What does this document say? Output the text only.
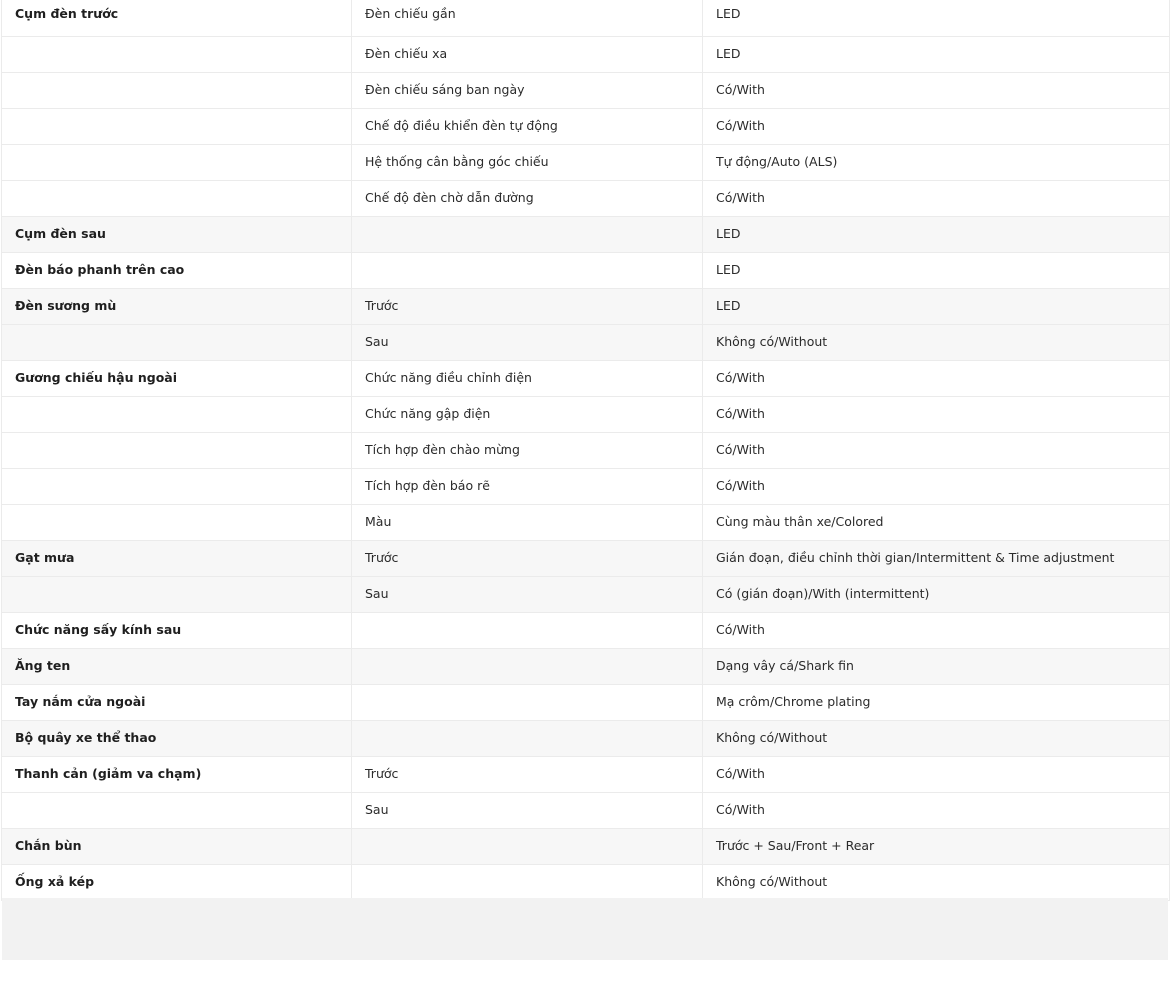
Cụm đèn trước	Đèn chiếu gần	LED
	Đèn chiếu xa	LED
	Đèn chiếu sáng ban ngày	Có/With
	Chế độ điều khiển đèn tự động	Có/With
	Hệ thống cân bằng góc chiếu	Tự động/Auto (ALS)
	Chế độ đèn chờ dẫn đường	Có/With
Cụm đèn sau		LED
Đèn báo phanh trên cao		LED
Đèn sương mù	Trước	LED
	Sau	Không có/Without
Gương chiếu hậu ngoài	Chức năng điều chỉnh điện	Có/With
	Chức năng gập điện	Có/With
	Tích hợp đèn chào mừng	Có/With
	Tích hợp đèn báo rẽ	Có/With
	Màu	Cùng màu thân xe/Colored
Gạt mưa	Trước	Gián đoạn, điều chỉnh thời gian/Intermittent & Time adjustment
	Sau	Có (gián đoạn)/With (intermittent)
Chức năng sấy kính sau		Có/With
Ăng ten		Dạng vây cá/Shark fin
Tay nắm cửa ngoài		Mạ crôm/Chrome plating
Bộ quây xe thể thao		Không có/Without
Thanh cản (giảm va chạm)	Trước	Có/With
	Sau	Có/With
Chắn bùn		Trước + Sau/Front + Rear
Ống xả kép		Không có/Without
